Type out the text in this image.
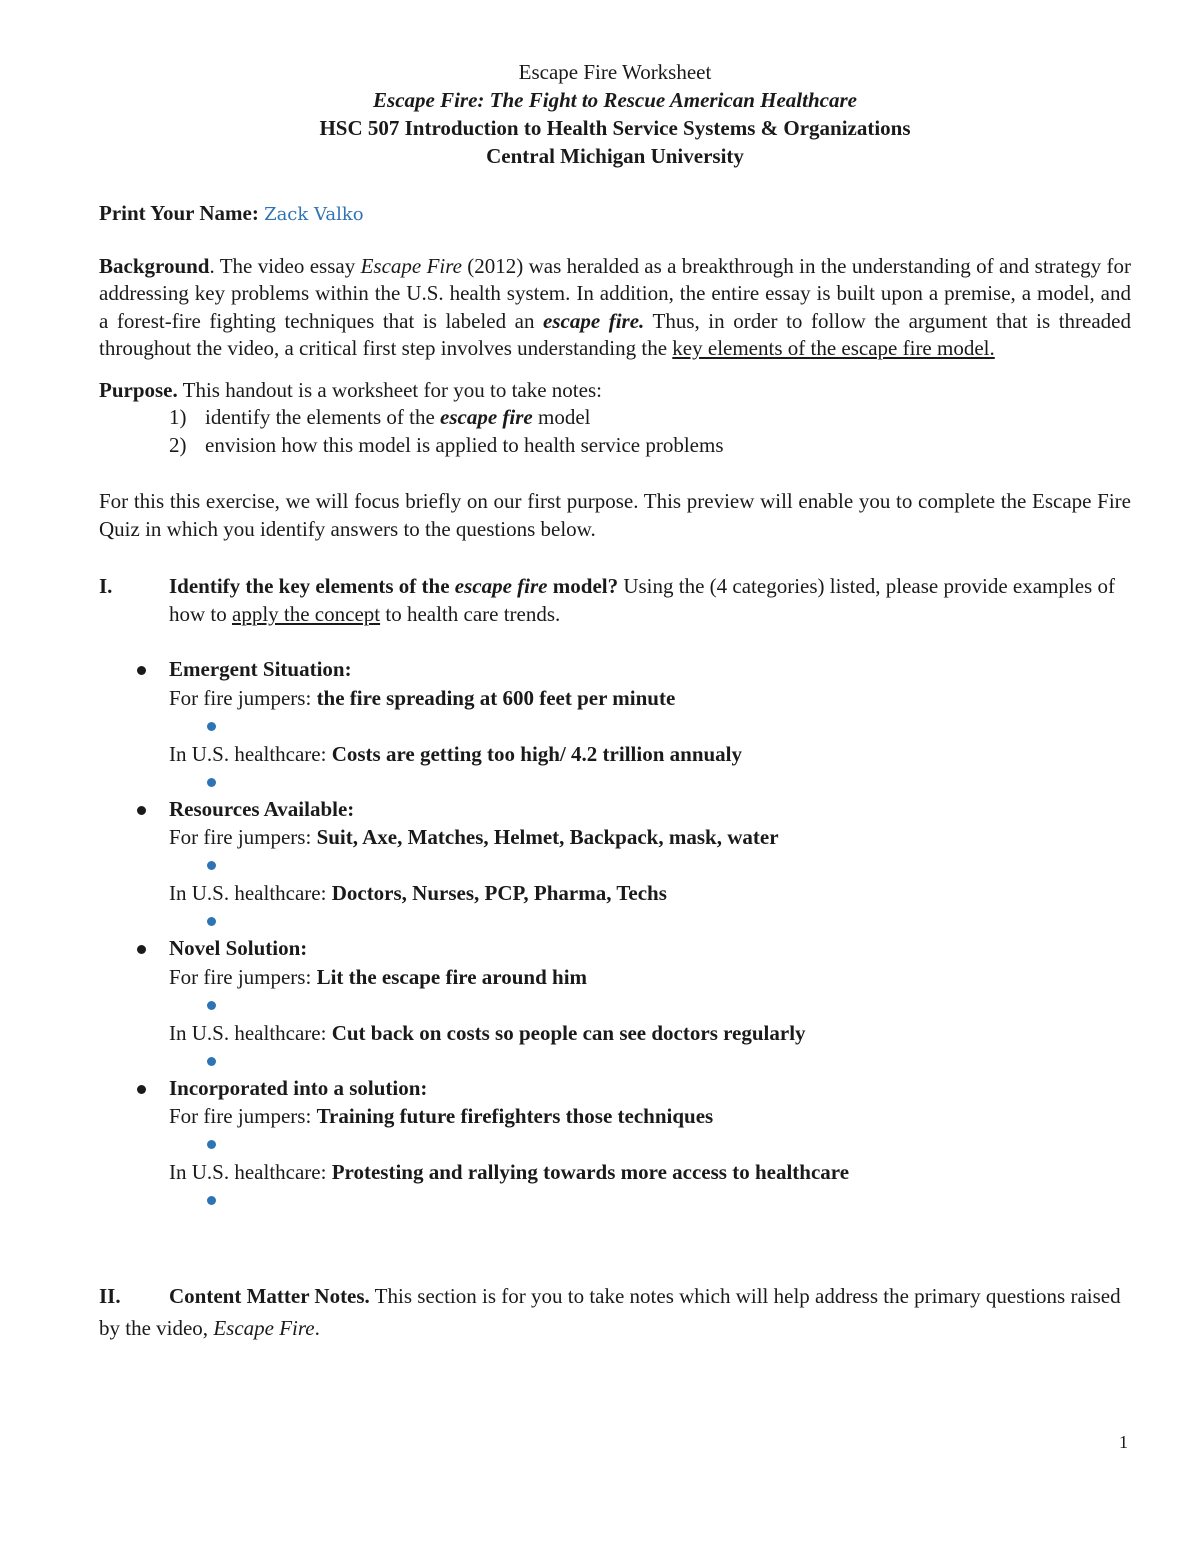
Escape Fire Worksheet
Escape Fire: The Fight to Rescue American Healthcare
HSC 507 Introduction to Health Service Systems & Organizations
Central Michigan University

Print Your Name: Zack Valko

Background. The video essay Escape Fire (2012) was heralded as a breakthrough in the understanding of and strategy for addressing key problems within the U.S. health system. In addition, the entire essay is built upon a premise, a model, and a forest-fire fighting techniques that is labeled an escape fire. Thus, in order to follow the argument that is threaded throughout the video, a critical first step involves understanding the key elements of the escape fire model.

Purpose. This handout is a worksheet for you to take notes:

1) identify the elements of the escape fire model
2) envision how this model is applied to health service problems

For this this exercise, we will focus briefly on our first purpose. This preview will enable you to complete the Escape Fire Quiz in which you identify answers to the questions below.

I.	Identify the key elements of the escape fire model? Using the (4 categories) listed, please provide examples of how to apply the concept to health care trends.
Emergent Situation:
For fire jumpers: the fire spreading at 600 feet per minute
In U.S. healthcare: Costs are getting too high/ 4.2 trillion annualy
Resources Available:
For fire jumpers: Suit, Axe, Matches, Helmet, Backpack, mask, water
In U.S. healthcare: Doctors, Nurses, PCP, Pharma, Techs
Novel Solution:
For fire jumpers: Lit the escape fire around him
In U.S. healthcare: Cut back on costs so people can see doctors regularly
Incorporated into a solution:
For fire jumpers: Training future firefighters those techniques
In U.S. healthcare: Protesting and rallying towards more access to healthcare
II. Content Matter Notes. This section is for you to take notes which will help address the primary questions raised by the video, Escape Fire.
1
